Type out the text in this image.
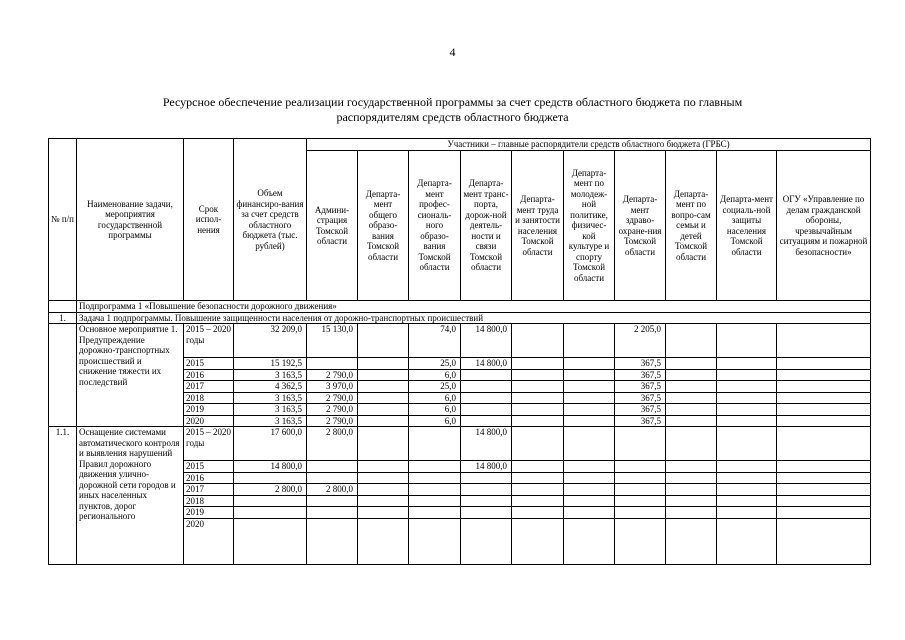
4
Ресурсное обеспечение реализации государственной программы за счет средств областного бюджета по главным
распорядителям средств областного бюджета
№ п/п	Наименование задачи, мероприятия государственной программы	Срок испол-нения	Объем финансиро-вания за счет средств областного бюджета (тыс. рублей)	Участники – главные распорядители средств областного бюджета (ГРБС)									
				Админи-страция Томской области	Департа-мент общего образо-вания Томской области	Департа-мент профес-сиональ-ного образо-вания Томской области	Департа-мент транс-порта, дорож-ной деятель-ности и связи Томской области	Департа-мент труда и занятости населения Томской области	Департа-мент по молодеж-ной политике, физичес-кой культуре и спорту Томской области	Департа-мент здраво-охране-ния Томской области	Департа-мент по вопро-сам семьи и детей Томской области	Департа-мент социаль-ной защиты населения Томской области	ОГУ «Управление по делам гражданской обороны, чрезвычайным ситуациям и пожарной безопасности»
	Подпрограмма 1 «Повышение безопасности дорожного движения»												
1.	Задача 1 подпрограммы. Повышение защищенности населения от дорожно-транспортных происшествий												
	Основное мероприятие 1. Предупреждение дорожно-транспортных происшествий и снижение тяжести их последствий	2015 – 2020 годы	32 209,0	15 130,0		74,0	14 800,0			2 205,0			
		2015	15 192,5			25,0	14 800,0			367,5			
		2016	3 163,5	2 790,0		6,0				367,5			
		2017	4 362,5	3 970,0		25,0				367,5			
		2018	3 163,5	2 790,0		6,0				367,5			
		2019	3 163,5	2 790,0		6,0				367,5			
		2020	3 163,5	2 790,0		6,0				367,5			
1.1.	Оснащение системами автоматического контроля и выявления нарушений Правил дорожного движения улично-дорожной сети городов и иных населенных пунктов, дорог регионального	2015 – 2020 годы	17 600,0	2 800,0			14 800,0						
		2015	14 800,0				14 800,0						
		2016											
		2017	2 800,0	2 800,0									
		2018											
		2019											
		2020											
